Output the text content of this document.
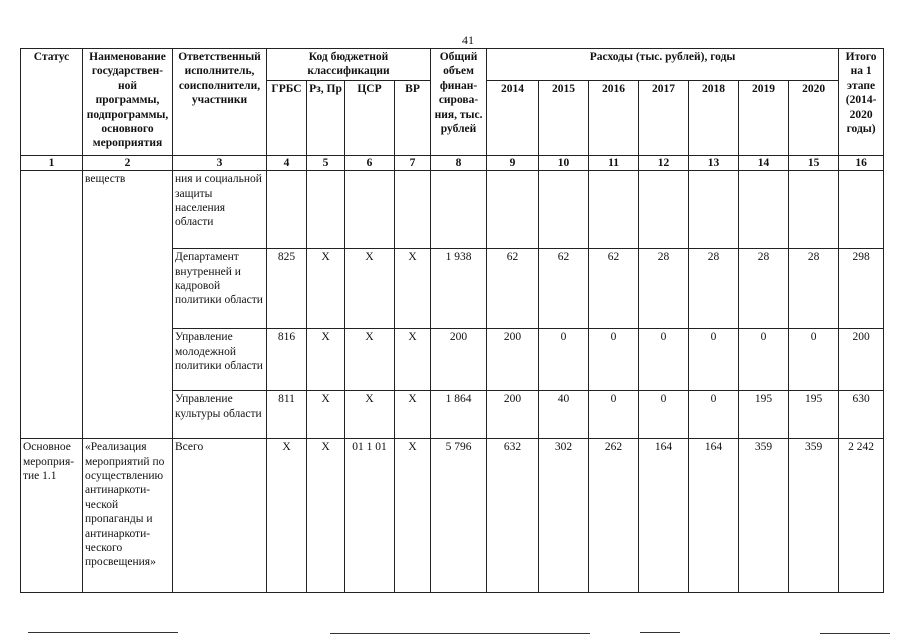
41
Статус	Наименование государствен-ной программы, подпрограммы, основного мероприятия	Ответственный исполнитель, соисполнители, участники	Код бюджетной классификации				Общий объем финан-сирова-ния, тыс. рублей	Расходы (тыс. рублей), годы							Итого на 1 этапе (2014-2020 годы)
			ГРБС	Рз, Пр	ЦСР	ВР		2014	2015	2016	2017	2018	2019	2020	
1	2	3	4	5	6	7	8	9	10	11	12	13	14	15	16
	веществ	ния и социальной защиты населения области													
		Департамент внутренней и кадровой политики области	825	Х	Х	Х	1 938	62	62	62	28	28	28	28	298
		Управление молодежной политики области	816	Х	Х	Х	200	200	0	0	0	0	0	0	200
		Управление культуры области	811	Х	Х	Х	1 864	200	40	0	0	0	195	195	630
Основное мероприя-тие 1.1	«Реализация мероприятий по осуществлению антинаркоти-ческой пропаганды и антинаркоти-ческого просвещения»	Всего	Х	Х	01 1 01	Х	5 796	632	302	262	164	164	359	359	2 242
